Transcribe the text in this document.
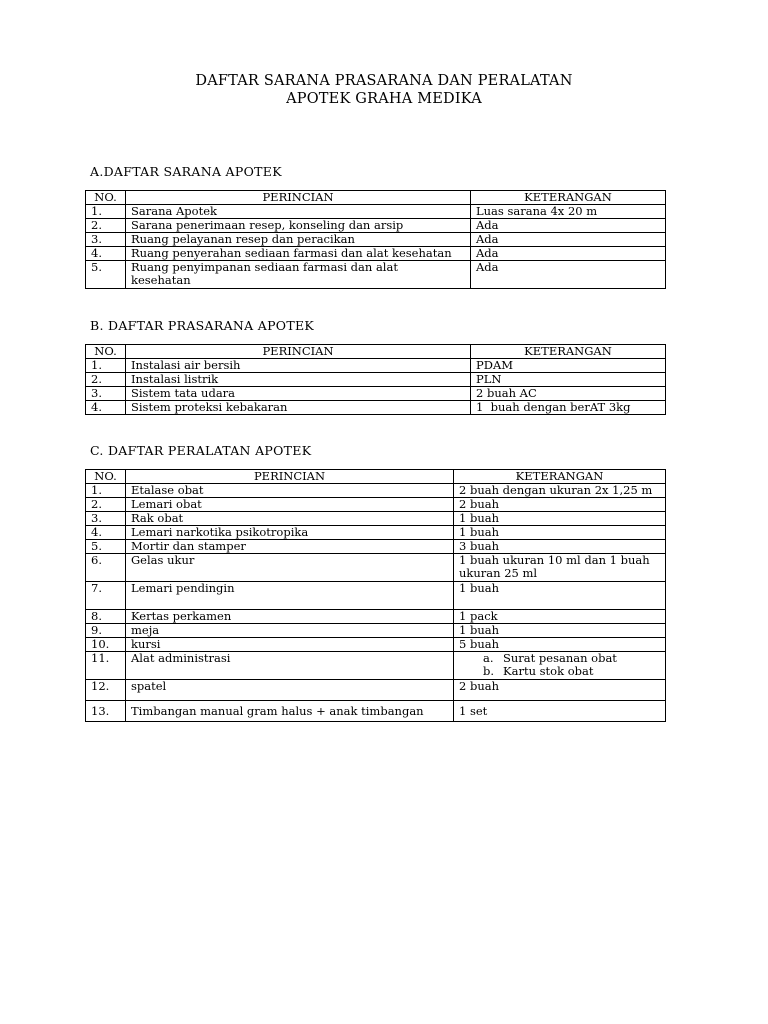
DAFTAR SARANA PRASARANA DAN PERALATAN
APOTEK GRAHA MEDIKA
A.DAFTAR SARANA APOTEK
NO.	PERINCIAN	KETERANGAN
1.	Sarana Apotek	Luas sarana 4x 20 m
2.	Sarana penerimaan resep, konseling dan arsip	Ada
3.	Ruang pelayanan resep dan peracikan	Ada
4.	Ruang penyerahan sediaan farmasi dan alat kesehatan	Ada
5.	Ruang penyimpanan sediaan farmasi dan alat kesehatan	Ada
B. DAFTAR PRASARANA APOTEK
NO.	PERINCIAN	KETERANGAN
1.	Instalasi air bersih	PDAM
2.	Instalasi listrik	PLN
3.	Sistem tata udara	2 buah AC
4.	Sistem proteksi kebakaran	1  buah dengan berAT 3kg
C. DAFTAR PERALATAN APOTEK
NO.	PERINCIAN	KETERANGAN
1.	Etalase obat	2 buah dengan ukuran 2x 1,25 m
2.	Lemari obat	2 buah
3.	Rak obat	1 buah
4.	Lemari narkotika psikotropika	1 buah
5.	Mortir dan stamper	3 buah
6.	Gelas ukur	1 buah ukuran 10 ml dan 1 buah ukuran 25 ml
7.	Lemari pendingin	1 buah
8.	Kertas perkamen	1 pack
9.	meja	1 buah
10.	kursi	5 buah
11.	Alat administrasi	a. Surat pesanan obat
b. Kartu stok obat

12.	spatel	2 buah
13.	Timbangan manual gram halus + anak timbangan	1 set
